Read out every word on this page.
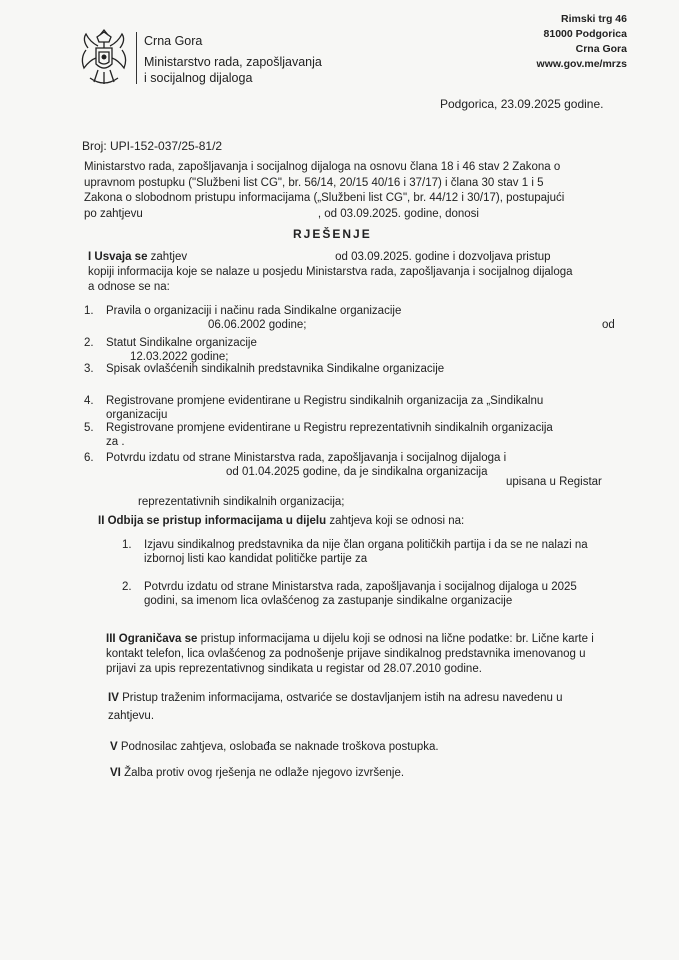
Crna Gora
Ministarstvo rada, zapošljavanja
i socijalnog dijaloga
Rimski trg 46
81000 Podgorica
Crna Gora
www.gov.me/mrzs
Podgorica, 23.09.2025 godine.
Broj: UPI-152-037/25-81/2
Ministarstvo rada, zapošljavanja i socijalnog dijaloga na osnovu člana 18 i 46 stav 2 Zakona o
upravnom postupku ("Službeni list CG", br. 56/14, 20/15 40/16 i 37/17) i člana 30 stav 1 i 5
Zakona o slobodnom pristupu informacijama („Službeni list CG", br. 44/12 i 30/17), postupajući
po zahtjevu	, od 03.09.2025. godine, donosi
RJEŠENJE
I Usvaja se zahtjev	od 03.09.2025. godine i dozvoljava pristup
kopiji informacija koje se nalaze u posjedu Ministarstva rada, zapošljavanja i socijalnog dijaloga
a odnose se na:
1. Pravila o organizaciji i načinu rada Sindikalne organizacije
06.06.2002 godine;	od
2. Statut Sindikalne organizacije
12.03.2022 godine;
3. Spisak ovlašćenih sindikalnih predstavnika Sindikalne organizacije
4. Registrovane promjene evidentirane u Registru sindikalnih organizacija za „Sindikalnu
organizaciju
5. Registrovane promjene evidentirane u Registru reprezentativnih sindikalnih organizacija
za .
6. Potvrdu izdatu od strane Ministarstva rada, zapošljavanja i socijalnog dijaloga i
od 01.04.2025 godine, da je sindikalna organizacija
upisana u Registar
reprezentativnih sindikalnih organizacija;
II Odbija se pristup informacijama u dijelu zahtjeva koji se odnosi na:
1. Izjavu sindikalnog predstavnika da nije član organa političkih partija i da se ne nalazi na
izbornoj listi kao kandidat političke partije za
2. Potvrdu izdatu od strane Ministarstva rada, zapošljavanja i socijalnog dijaloga u 2025
godini, sa imenom lica ovlašćenog za zastupanje sindikalne organizacije
III Ograničava se pristup informacijama u dijelu koji se odnosi na lične podatke: br. Lične karte i
kontakt telefon, lica ovlašćenog za podnošenje prijave sindikalnog predstavnika imenovanog u
prijavi za upis reprezentativnog sindikata u registar od 28.07.2010 godine.
IV Pristup traženim informacijama, ostvariće se dostavljanjem istih na adresu navedenu u
zahtjevu.
V Podnosilac zahtjeva, oslobađa se naknade troškova postupka.
VI Žalba protiv ovog rješenja ne odlaže njegovo izvršenje.
